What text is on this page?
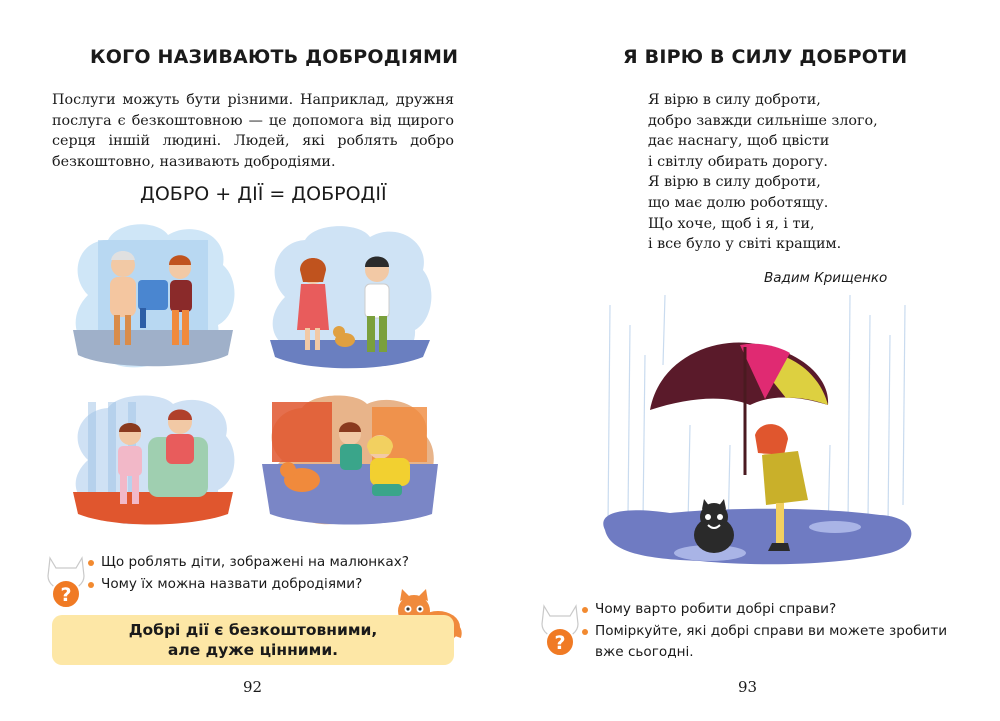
КОГО НАЗИВАЮТЬ ДОБРОДІЯМИ

Послуги можуть бути різними. Наприклад, дружня послуга є безкоштовною — це допомога від щирого серця іншій людині. Людей, які роблять добро безкоштовно, називають добродіями.

ДОБРО + ДІЇ = ДОБРОДІЇ
?
Що роблять діти, зображені на малюнках?
Чому їх можна назвати добродіями?
Добрі дії є безкоштовними,
але дуже цінними.
92
Я ВІРЮ В СИЛУ ДОБРОТИ
Я вірю в силу доброти,
добро завжди сильніше злого,
дає наснагу, щоб цвісти
і світлу обирать дорогу.
Я вірю в силу доброти,
що має долю роботящу.
Що хоче, щоб і я, і ти,
і все було у світі кращим.
Вадим Крищенко
?
Чому варто робити добрі справи?
Поміркуйте, які добрі справи ви можете зробити вже сьогодні.
93
